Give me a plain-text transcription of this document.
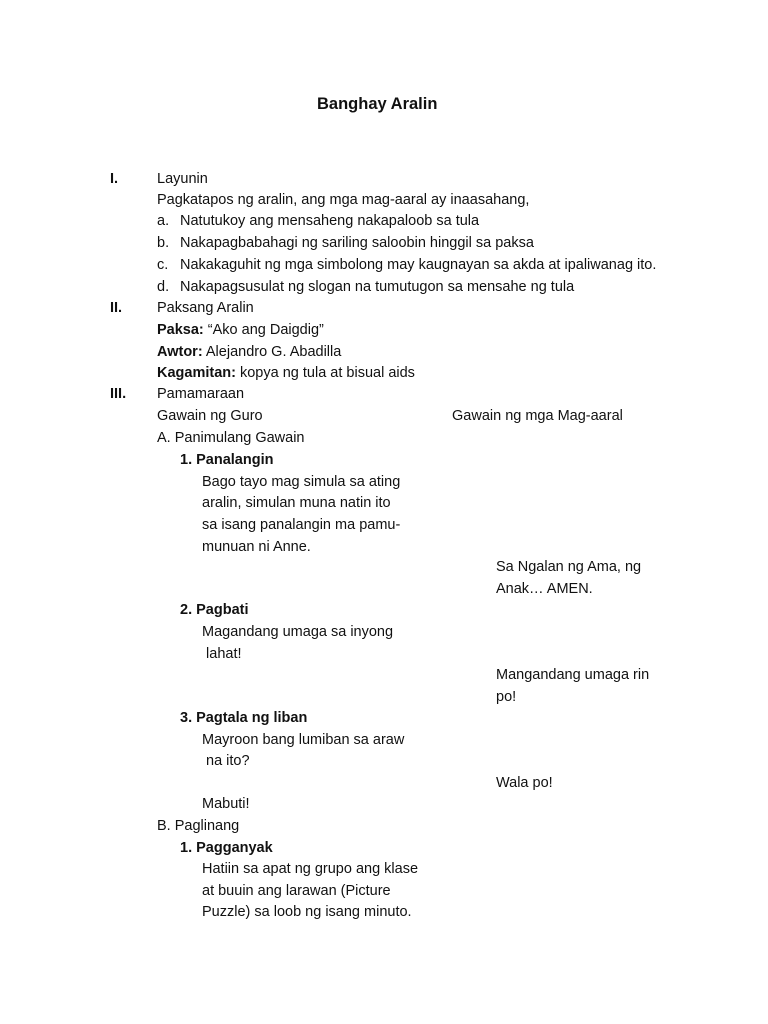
Banghay Aralin
I.	Layunin
Pagkatapos ng aralin, ang mga mag-aaral ay inaasahang,
a. Natutukoy ang mensaheng nakapaloob sa tula
b. Nakapagbabahagi ng sariling saloobin hinggil sa paksa
c. Nakakaguhit ng mga simbolong may kaugnayan sa akda at ipaliwanag ito.
d. Nakapagsusulat ng slogan na tumutugon sa mensahe ng tula
II. Paksang Aralin
Paksa: “Ako ang Daigdig”
Awtor: Alejandro G. Abadilla
Kagamitan: kopya ng tula at bisual aids
III. Pamamaraan
Gawain ng Guro	Gawain ng mga Mag-aaral
A. Panimulang Gawain
1. Panalangin
Bago tayo mag simula sa ating
aralin, simulan muna natin ito
sa isang panalangin ma pamu-
munuan ni Anne.
Sa Ngalan ng Ama, ng
Anak… AMEN.
2. Pagbati
Magandang umaga sa inyong
lahat!
Mangandang umaga rin
po!
3. Pagtala ng liban
Mayroon bang lumiban sa araw
na ito?
Wala po!
Mabuti!
B. Paglinang
1. Pagganyak
Hatiin sa apat ng grupo ang klase
at buuin ang larawan (Picture
Puzzle) sa loob ng isang minuto.
